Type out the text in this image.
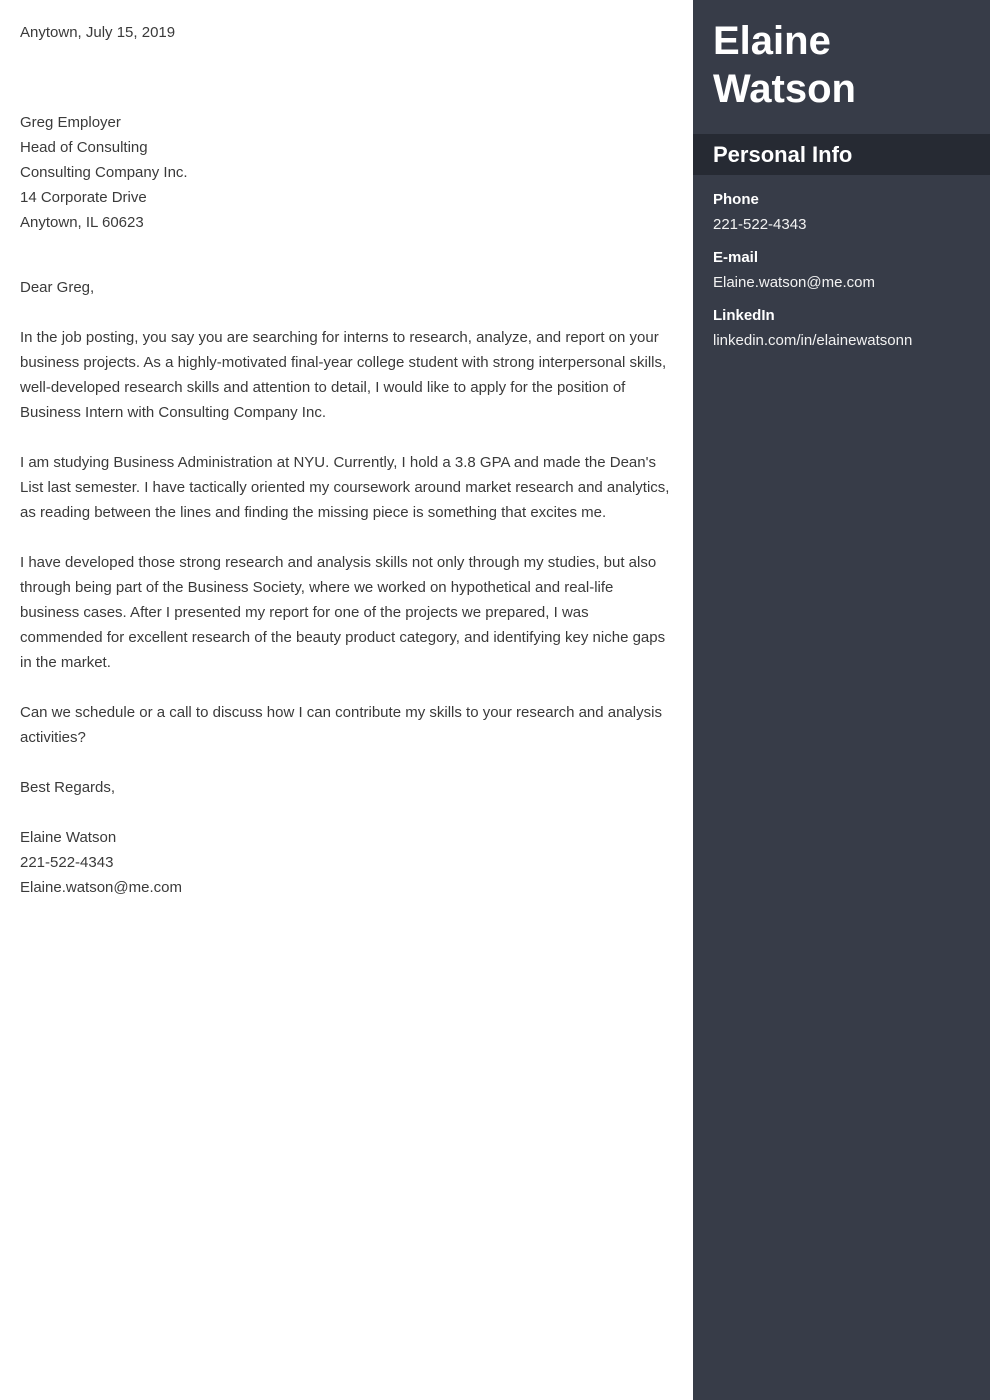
Anytown, July 15, 2019
Greg Employer
Head of Consulting
Consulting Company Inc.
14 Corporate Drive
Anytown, IL 60623

Dear Greg,

In the job posting, you say you are searching for interns to research, analyze, and report on your business projects. As a highly-motivated final-year college student with strong interpersonal skills, well-developed research skills and attention to detail, I would like to apply for the position of Business Intern with Consulting Company Inc.

I am studying Business Administration at NYU. Currently, I hold a 3.8 GPA and made the Dean's List last semester. I have tactically oriented my coursework around market research and analytics, as reading between the lines and finding the missing piece is something that excites me.

I have developed those strong research and analysis skills not only through my studies, but also through being part of the Business Society, where we worked on hypothetical and real-life business cases. After I presented my report for one of the projects we prepared, I was commended for excellent research of the beauty product category, and identifying key niche gaps in the market.

Can we schedule or a call to discuss how I can contribute my skills to your research and analysis activities?

Best Regards,

Elaine Watson
221-522-4343
Elaine.watson@me.com
Elaine
Watson
Personal Info
Phone
221-522-4343
E-mail
Elaine.watson@me.com
LinkedIn
linkedin.com/in/elainewatsonn
